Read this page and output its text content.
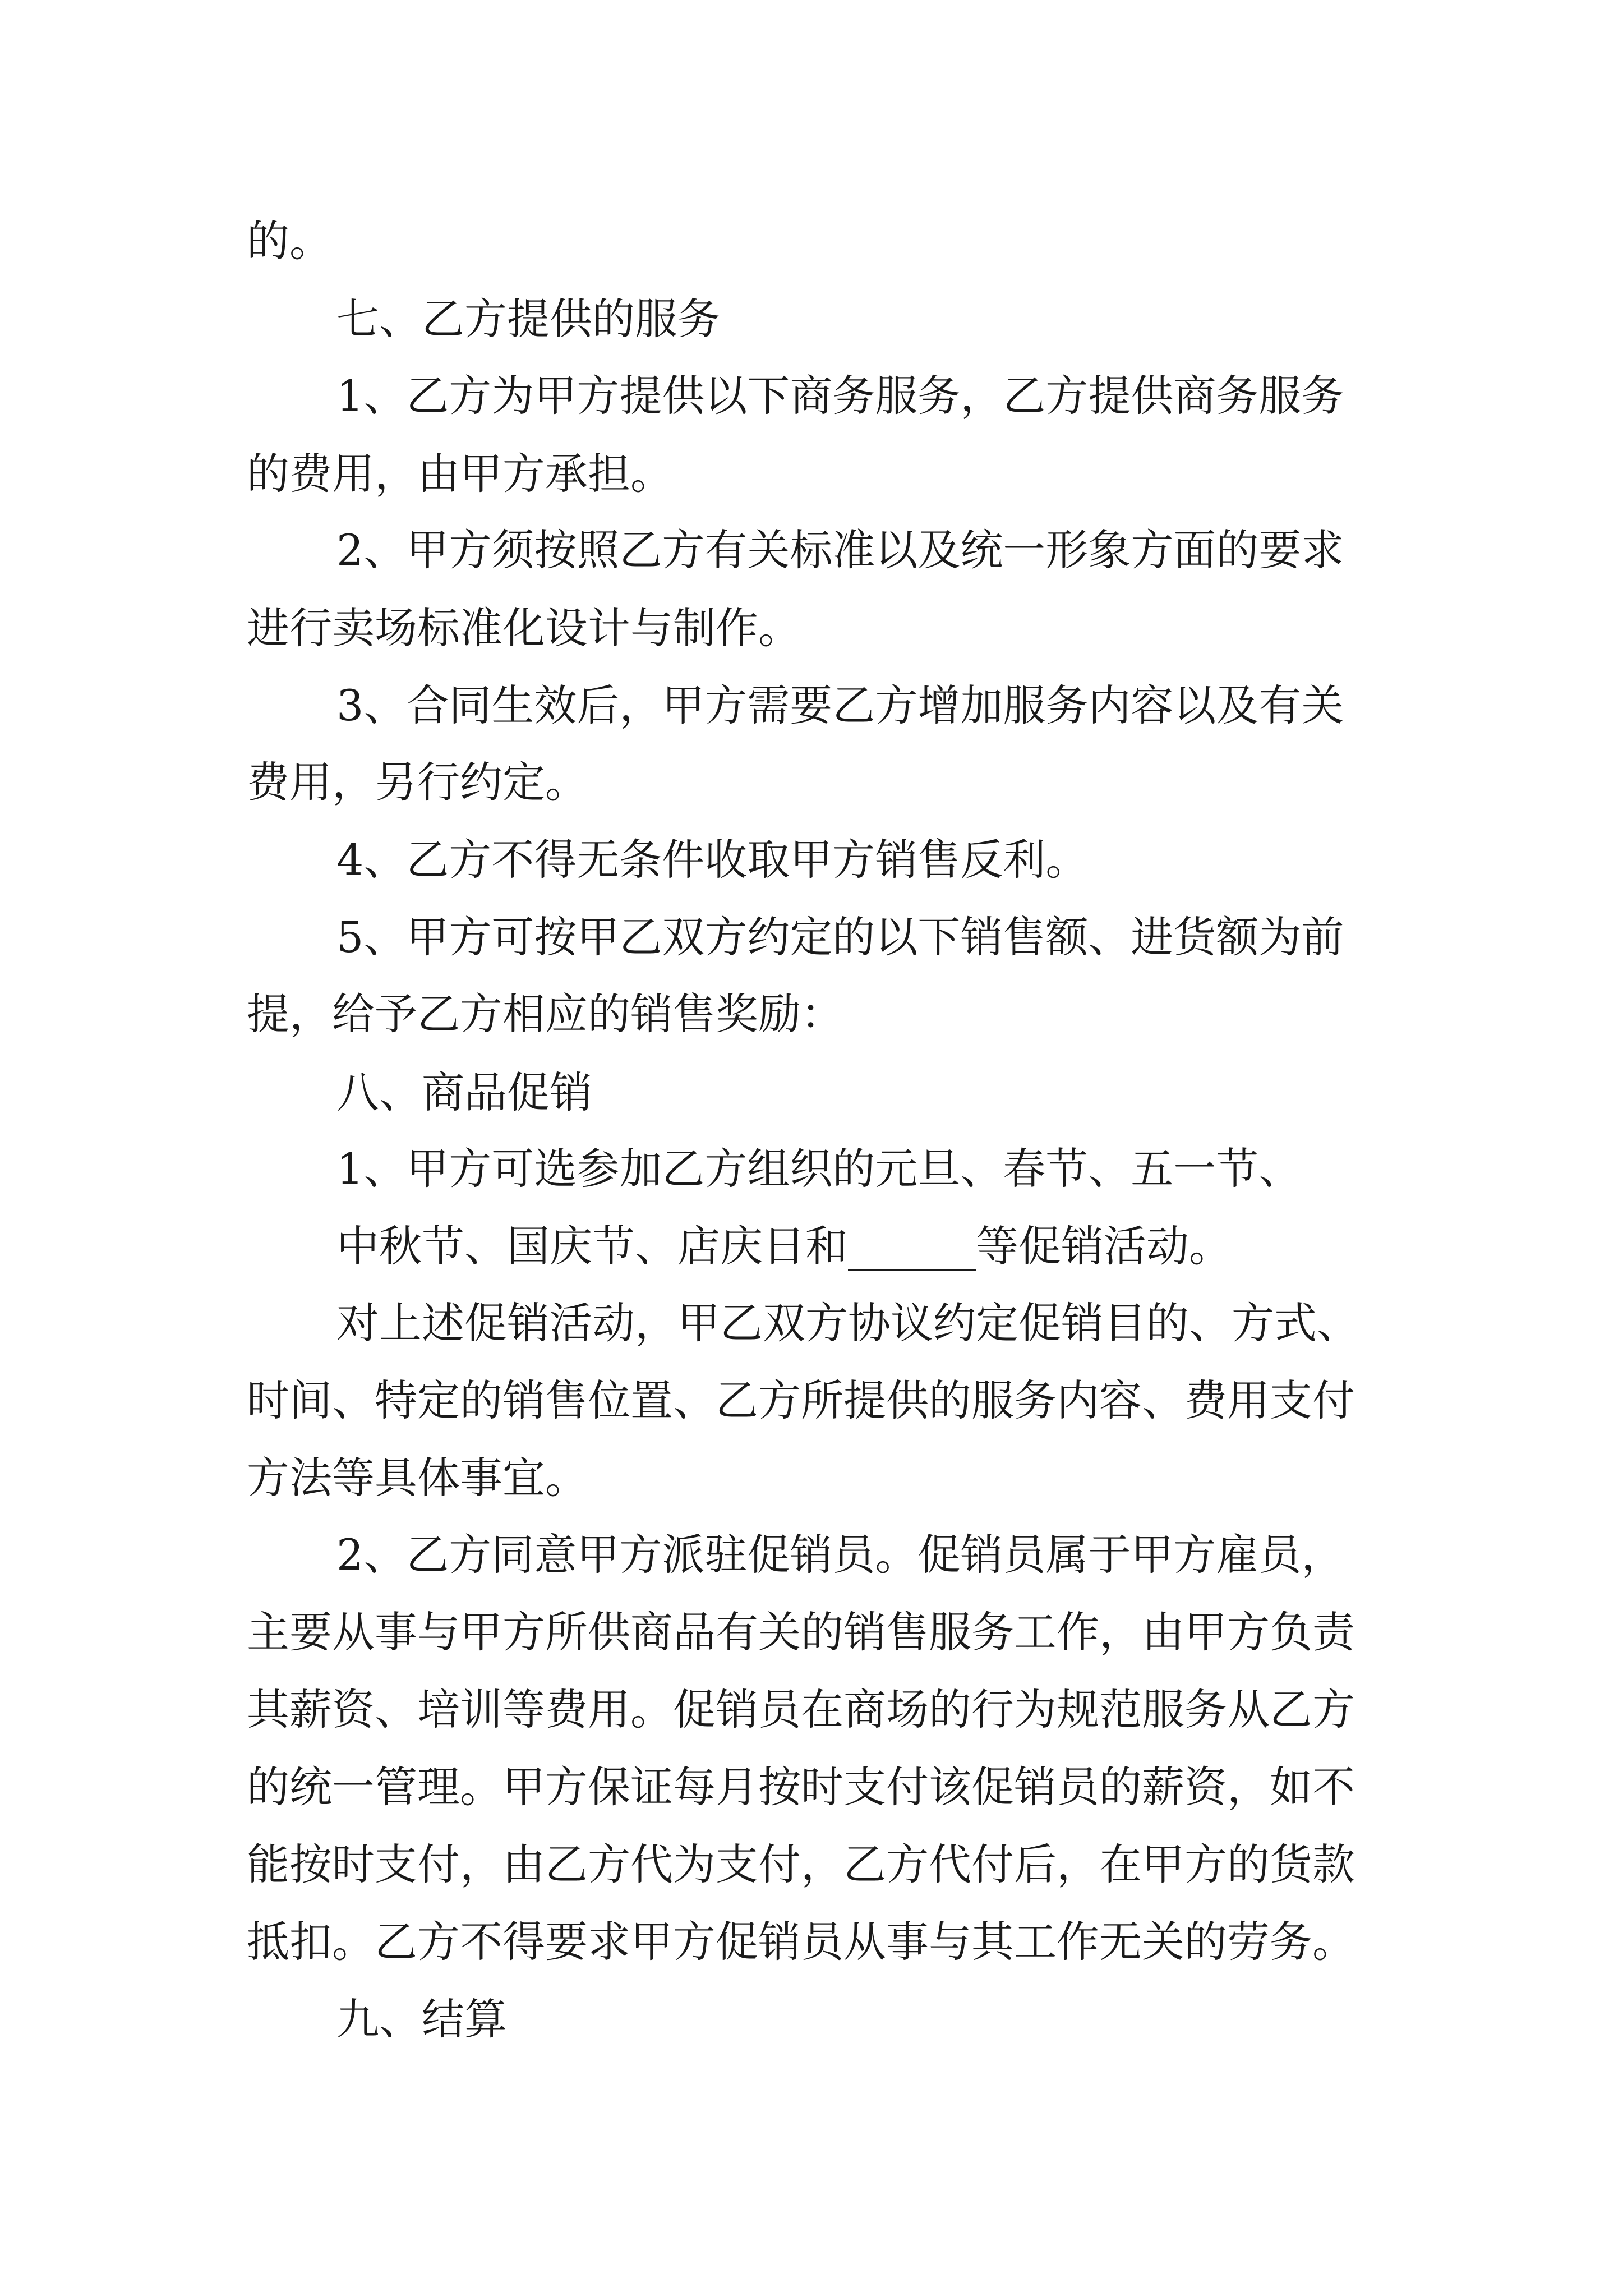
的。
七、乙方提供的服务
1、乙方为甲方提供以下商务服务，乙方提供商务服务
的费用，由甲方承担。
2、甲方须按照乙方有关标准以及统一形象方面的要求
进行卖场标准化设计与制作。
3、合同生效后，甲方需要乙方增加服务内容以及有关
费用，另行约定。
4、乙方不得无条件收取甲方销售反利。
5、甲方可按甲乙双方约定的以下销售额、进货额为前
提，给予乙方相应的销售奖励：
八、商品促销
1、甲方可选参加乙方组织的元旦、春节、五一节、
中秋节、国庆节、店庆日和______等促销活动。
对上述促销活动，甲乙双方协议约定促销目的、方式、
时间、特定的销售位置、乙方所提供的服务内容、费用支付
方法等具体事宜。
2、乙方同意甲方派驻促销员。促销员属于甲方雇员，
主要从事与甲方所供商品有关的销售服务工作，由甲方负责
其薪资、培训等费用。促销员在商场的行为规范服务从乙方
的统一管理。甲方保证每月按时支付该促销员的薪资，如不
能按时支付，由乙方代为支付，乙方代付后，在甲方的货款
抵扣。乙方不得要求甲方促销员从事与其工作无关的劳务。
九、结算
